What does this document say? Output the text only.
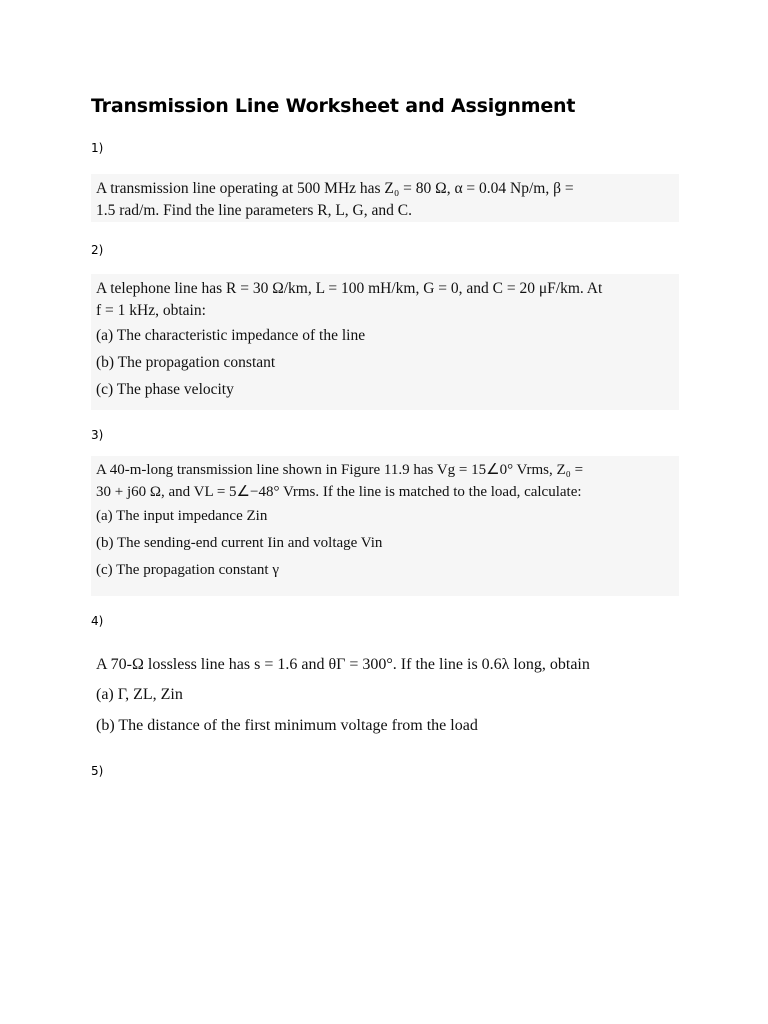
Transmission Line Worksheet and Assignment
1)
A transmission line operating at 500 MHz has Z₀ = 80 Ω, α = 0.04 Np/m, β =
1.5 rad/m. Find the line parameters R, L, G, and C.
2)
A telephone line has R = 30 Ω/km, L = 100 mH/km, G = 0, and C = 20 μF/km. At
f = 1 kHz, obtain:
(a) The characteristic impedance of the line
(b) The propagation constant
(c) The phase velocity
3)
A 40-m-long transmission line shown in Figure 11.9 has Vg = 15∠0° Vrms, Z₀ =
30 + j60 Ω, and VL = 5∠−48° Vrms. If the line is matched to the load, calculate:
(a) The input impedance Zin
(b) The sending-end current Iin and voltage Vin
(c) The propagation constant γ
4)
A 70-Ω lossless line has s = 1.6 and θΓ = 300°. If the line is 0.6λ long, obtain
(a) Γ, ZL, Zin
(b) The distance of the first minimum voltage from the load
5)
